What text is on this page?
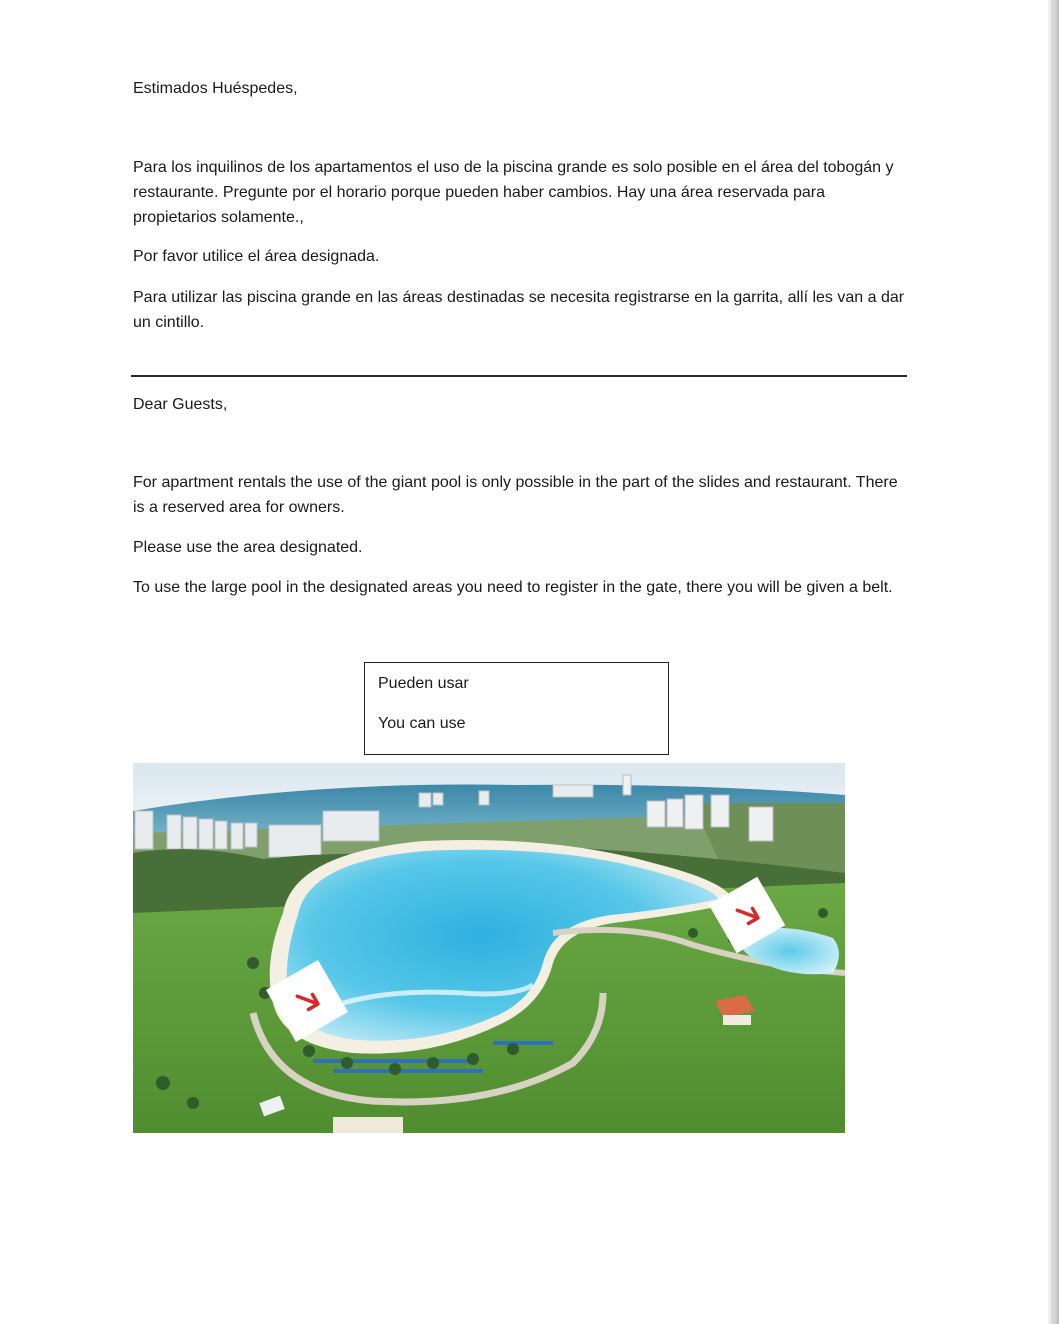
Estimados Huéspedes,

Para los inquilinos de los apartamentos el uso de la piscina grande es solo posible en el área del tobogán y restaurante. Pregunte por el horario porque pueden haber cambios. Hay una área reservada para propietarios solamente.,

Por favor utilice el área designada.

Para utilizar las piscina grande en las áreas destinadas se necesita registrarse en la garrita, allí les van a dar un cintillo.

Dear Guests,

For apartment rentals the use of the giant pool is only possible in the part of the slides and restaurant. There is a reserved area for owners.

Please use the area designated.

To use the large pool in the designated areas you need to register in the gate, there you will be given a belt.

Pueden usar
You can use
